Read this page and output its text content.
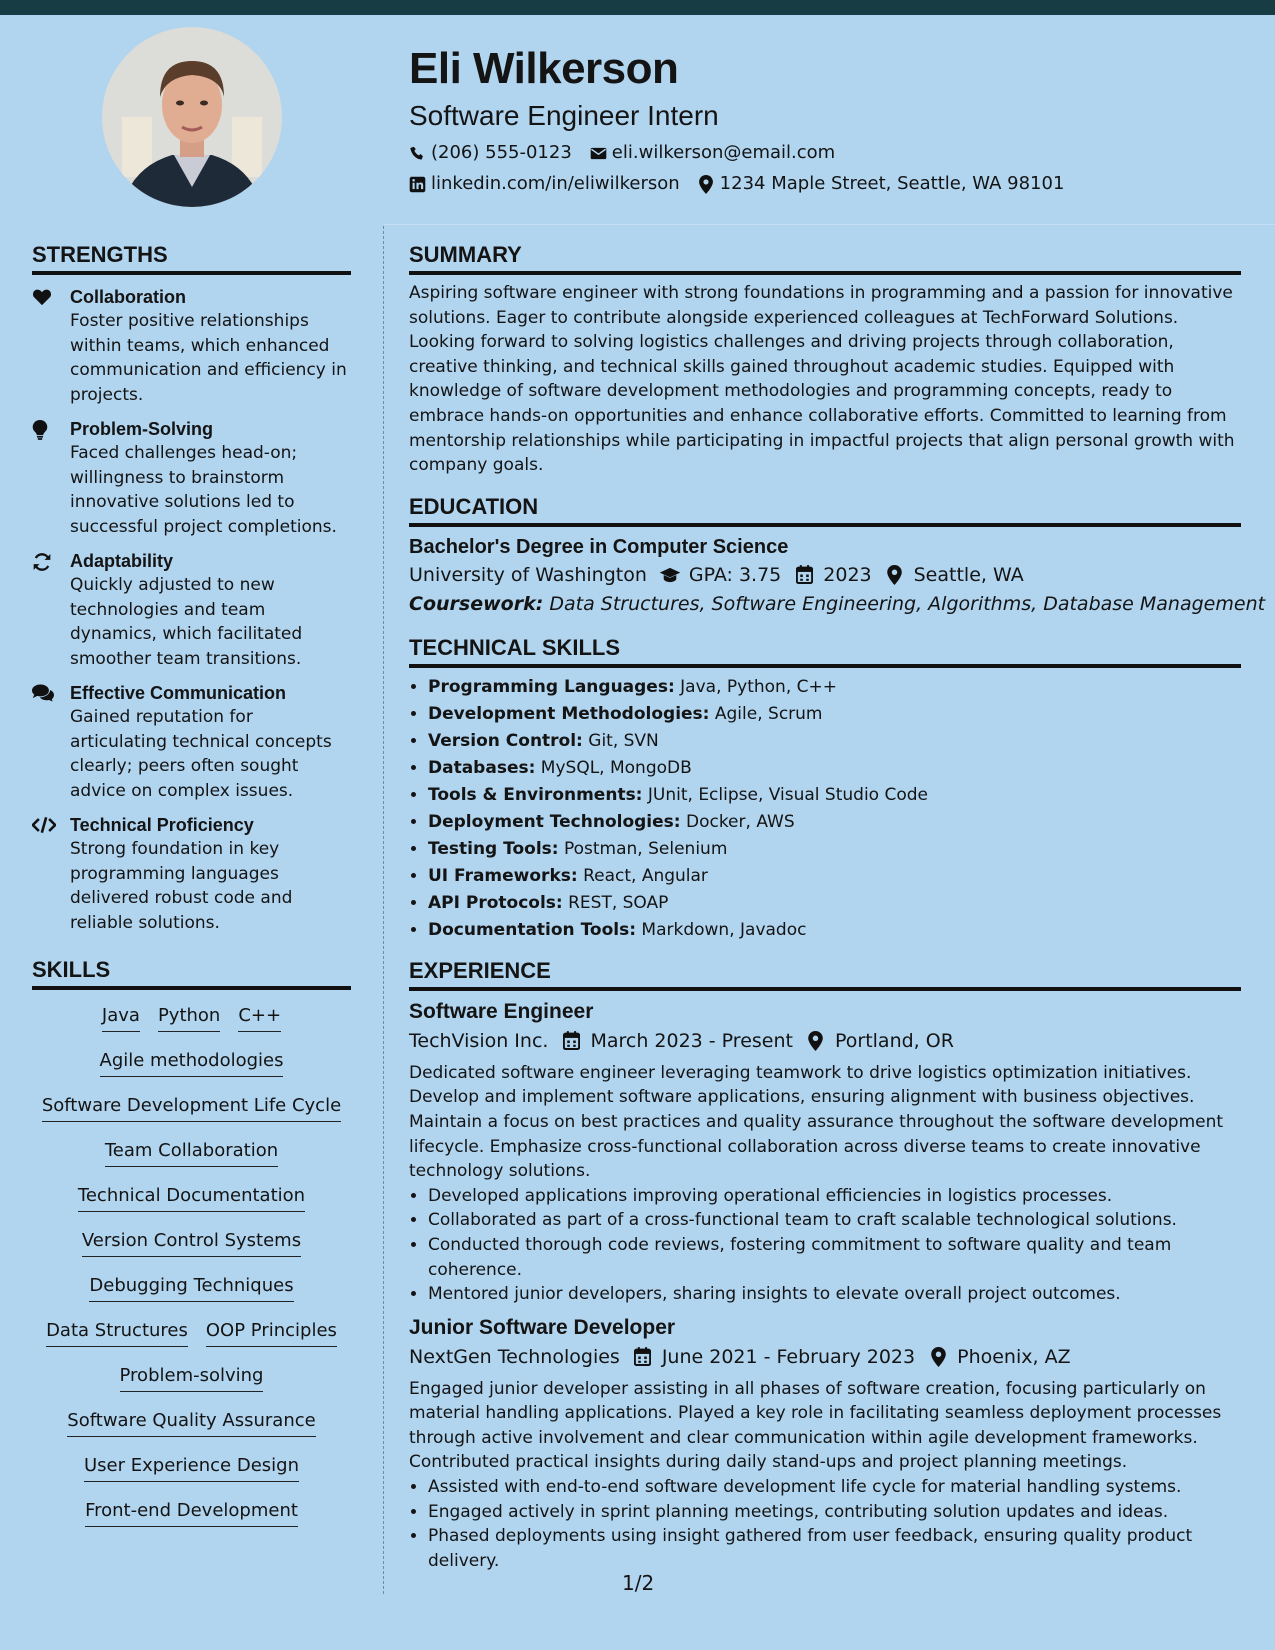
Eli Wilkerson
Software Engineer Intern
(206) 555-0123 eli.wilkerson@email.com
linkedin.com/in/eliwilkerson 1234 Maple Street, Seattle, WA 98101
STRENGTHS
Collaboration
Foster positive relationships within teams, which enhanced communication and efficiency in projects.
Problem-Solving
Faced challenges head-on; willingness to brainstorm innovative solutions led to successful project completions.
Adaptability
Quickly adjusted to new technologies and team dynamics, which facilitated smoother team transitions.
Effective Communication
Gained reputation for articulating technical concepts clearly; peers often sought advice on complex issues.
Technical Proficiency
Strong foundation in key programming languages delivered robust code and reliable solutions.
SKILLS
Java Python C++
Agile methodologies
Software Development Life Cycle
Team Collaboration
Technical Documentation
Version Control Systems
Debugging Techniques
Data Structures OOP Principles
Problem-solving
Software Quality Assurance
User Experience Design
Front-end Development
SUMMARY

Aspiring software engineer with strong foundations in programming and a passion for innovative solutions. Eager to contribute alongside experienced colleagues at TechForward Solutions. Looking forward to solving logistics challenges and driving projects through collaboration, creative thinking, and technical skills gained throughout academic studies. Equipped with knowledge of software development methodologies and programming concepts, ready to embrace hands-on opportunities and enhance collaborative efforts. Committed to learning from mentorship relationships while participating in impactful projects that align personal growth with company goals.

EDUCATION
Bachelor's Degree in Computer Science
University of Washington GPA: 3.75 2023 Seattle, WA
Coursework: Data Structures, Software Engineering, Algorithms, Database Management
TECHNICAL SKILLS
• Programming Languages: Java, Python, C++
• Development Methodologies: Agile, Scrum
• Version Control: Git, SVN
• Databases: MySQL, MongoDB
• Tools & Environments: JUnit, Eclipse, Visual Studio Code
• Deployment Technologies: Docker, AWS
• Testing Tools: Postman, Selenium
• UI Frameworks: React, Angular
• API Protocols: REST, SOAP
• Documentation Tools: Markdown, Javadoc
EXPERIENCE
Software Engineer
TechVision Inc. March 2023 - Present Portland, OR

Dedicated software engineer leveraging teamwork to drive logistics optimization initiatives. Develop and implement software applications, ensuring alignment with business objectives. Maintain a focus on best practices and quality assurance throughout the software development lifecycle. Emphasize cross-functional collaboration across diverse teams to create innovative technology solutions.

• Developed applications improving operational efficiencies in logistics processes.
• Collaborated as part of a cross-functional team to craft scalable technological solutions.
• Conducted thorough code reviews, fostering commitment to software quality and team coherence.
• Mentored junior developers, sharing insights to elevate overall project outcomes.
Junior Software Developer
NextGen Technologies June 2021 - February 2023 Phoenix, AZ

Engaged junior developer assisting in all phases of software creation, focusing particularly on material handling applications. Played a key role in facilitating seamless deployment processes through active involvement and clear communication within agile development frameworks. Contributed practical insights during daily stand-ups and project planning meetings.

• Assisted with end-to-end software development life cycle for material handling systems.
• Engaged actively in sprint planning meetings, contributing solution updates and ideas.
• Phased deployments using insight gathered from user feedback, ensuring quality product delivery.
1/2
